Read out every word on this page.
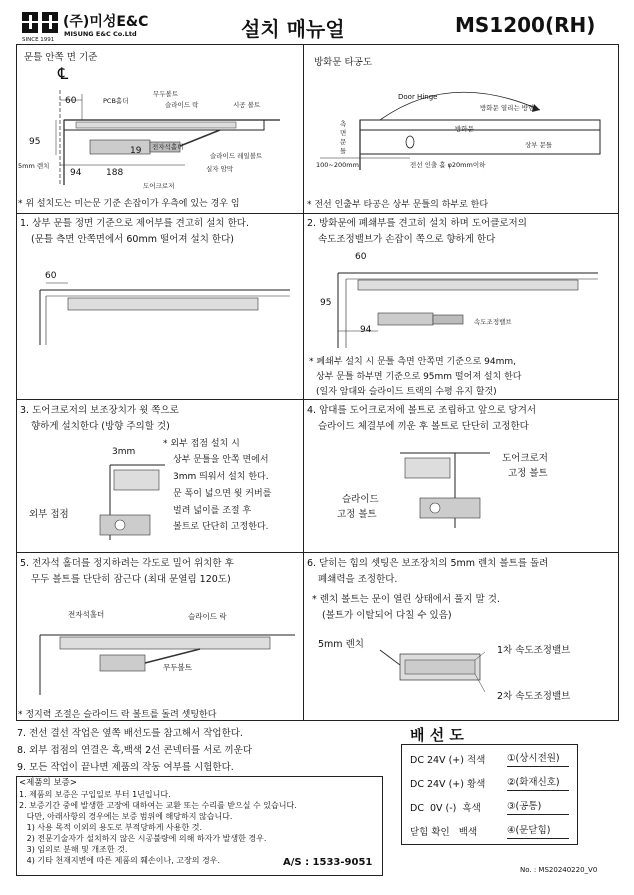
SINCE 1991
(주)미성E&C
MISUNG E&C Co.Ltd	설치 매뉴얼	MS1200(RH)
문틀 안쪽 면 기준
℄
60
95
94	188
19
PCB홀더
무두볼트
슬라이드 락	시공 볼트
전자석홀더
슬라이드 레일볼트
5mm 렌치	실자 암막
도어크로저
* 위 설치도는 미는문 기준 손잡이가 우측에 있는 경우 임
방화문 타공도
Door Hinge
방화문 열리는 방향
방화문
상부 문틀
측
면
문
틀
100~200mm	전선 인출 홀 φ20mm이하
* 전선 인출부 타공은 상부 문틀의 하부로 한다
1. 상부 문틀 정면 기준으로 제어부를 견고히 설치 한다.
(문틀 측면 안쪽면에서 60mm 떨어져 설치 한다)
60
2. 방화문에 폐쇄부를 견고히 설치 하며 도어클로저의
속도조정밸브가 손잡이 쪽으로 향하게 한다
60
95
94
속도조정밸브
* 폐쇄부 설치 시 문틀 측면 안쪽면 기준으로 94mm,
상부 문틀 하부면 기준으로 95mm 떨어져 설치 한다
(일자 암대와 슬라이드 트랙의 수평 유지 할것)
3. 도어크로저의 보조장치가 윗 쪽으로
향하게 설치한다 (방향 주의할 것)
3mm
외부 접점
* 외부 접점 설치 시
상부 문틀을 안쪽 면에서
3mm 띄워서 설치 한다.
문 폭이 넓으면 윗 커버를
벌려 넓이를 조절 후
볼트로 단단히 고정한다.
4. 암대를 도어크로저에 볼트로 조립하고 앞으로 당겨서
슬라이드 체결부에 끼운 후 볼트로 단단히 고정한다
도어크로저
고정 볼트
슬라이드
고정 볼트
5. 전자석 홀더를 정지하려는 각도로 밀어 위치한 후
무두 볼트를 단단히 잠근다 (최대 문열림 120도)
전자석홀더	슬라이드 락
무두볼트
* 정지력 조절은 슬라이드 락 볼트를 돌려 셋팅한다
6. 닫히는 힘의 셋팅은 보조장치의 5mm 렌치 볼트를 돌려
폐쇄력을 조정한다.
* 렌치 볼트는 문이 열린 상태에서 풀지 말 것.
(볼트가 이탈되어 다칠 수 있음)
5mm 렌치
1차 속도조정밸브
2차 속도조정밸브
7. 전선 결선 작업은 옆쪽 배선도를 참고해서 작업한다.
8. 외부 접점의 연결은 흑,백색 2선 콘넥터를 서로 끼운다
9. 모든 작업이 끝나면 제품의 작동 여부를 시험한다.
<제품의 보증>
1. 제품의 보증은 구입일로 부터 1년입니다.
2. 보증기간 중에 발생한 고장에 대하여는 교환 또는 수리를 받으실 수 있습니다.
다만, 아래사항의 경우에는 보증 범위에 해당하지 않습니다.
1) 사용 목적 이외의 용도로 부적당하게 사용한 것.
2) 전문기술자가 설치하지 않은 시공불량에 의해 하자가 발생한 경우.
3) 임의로 분해 및 개조한 것.
4) 기타 천재지변에 따른 제품의 훼손이나, 고장의 경우.	A/S : 1533-9051
배 선 도
DC 24V (+) 적색 ①(상시전원)
DC 24V (+) 황색 ②(화재신호)
DC  0V (-)  흑색	③(공통)
닫힘 확인   백색	④(문닫힘)
No. : MS20240220_V0
